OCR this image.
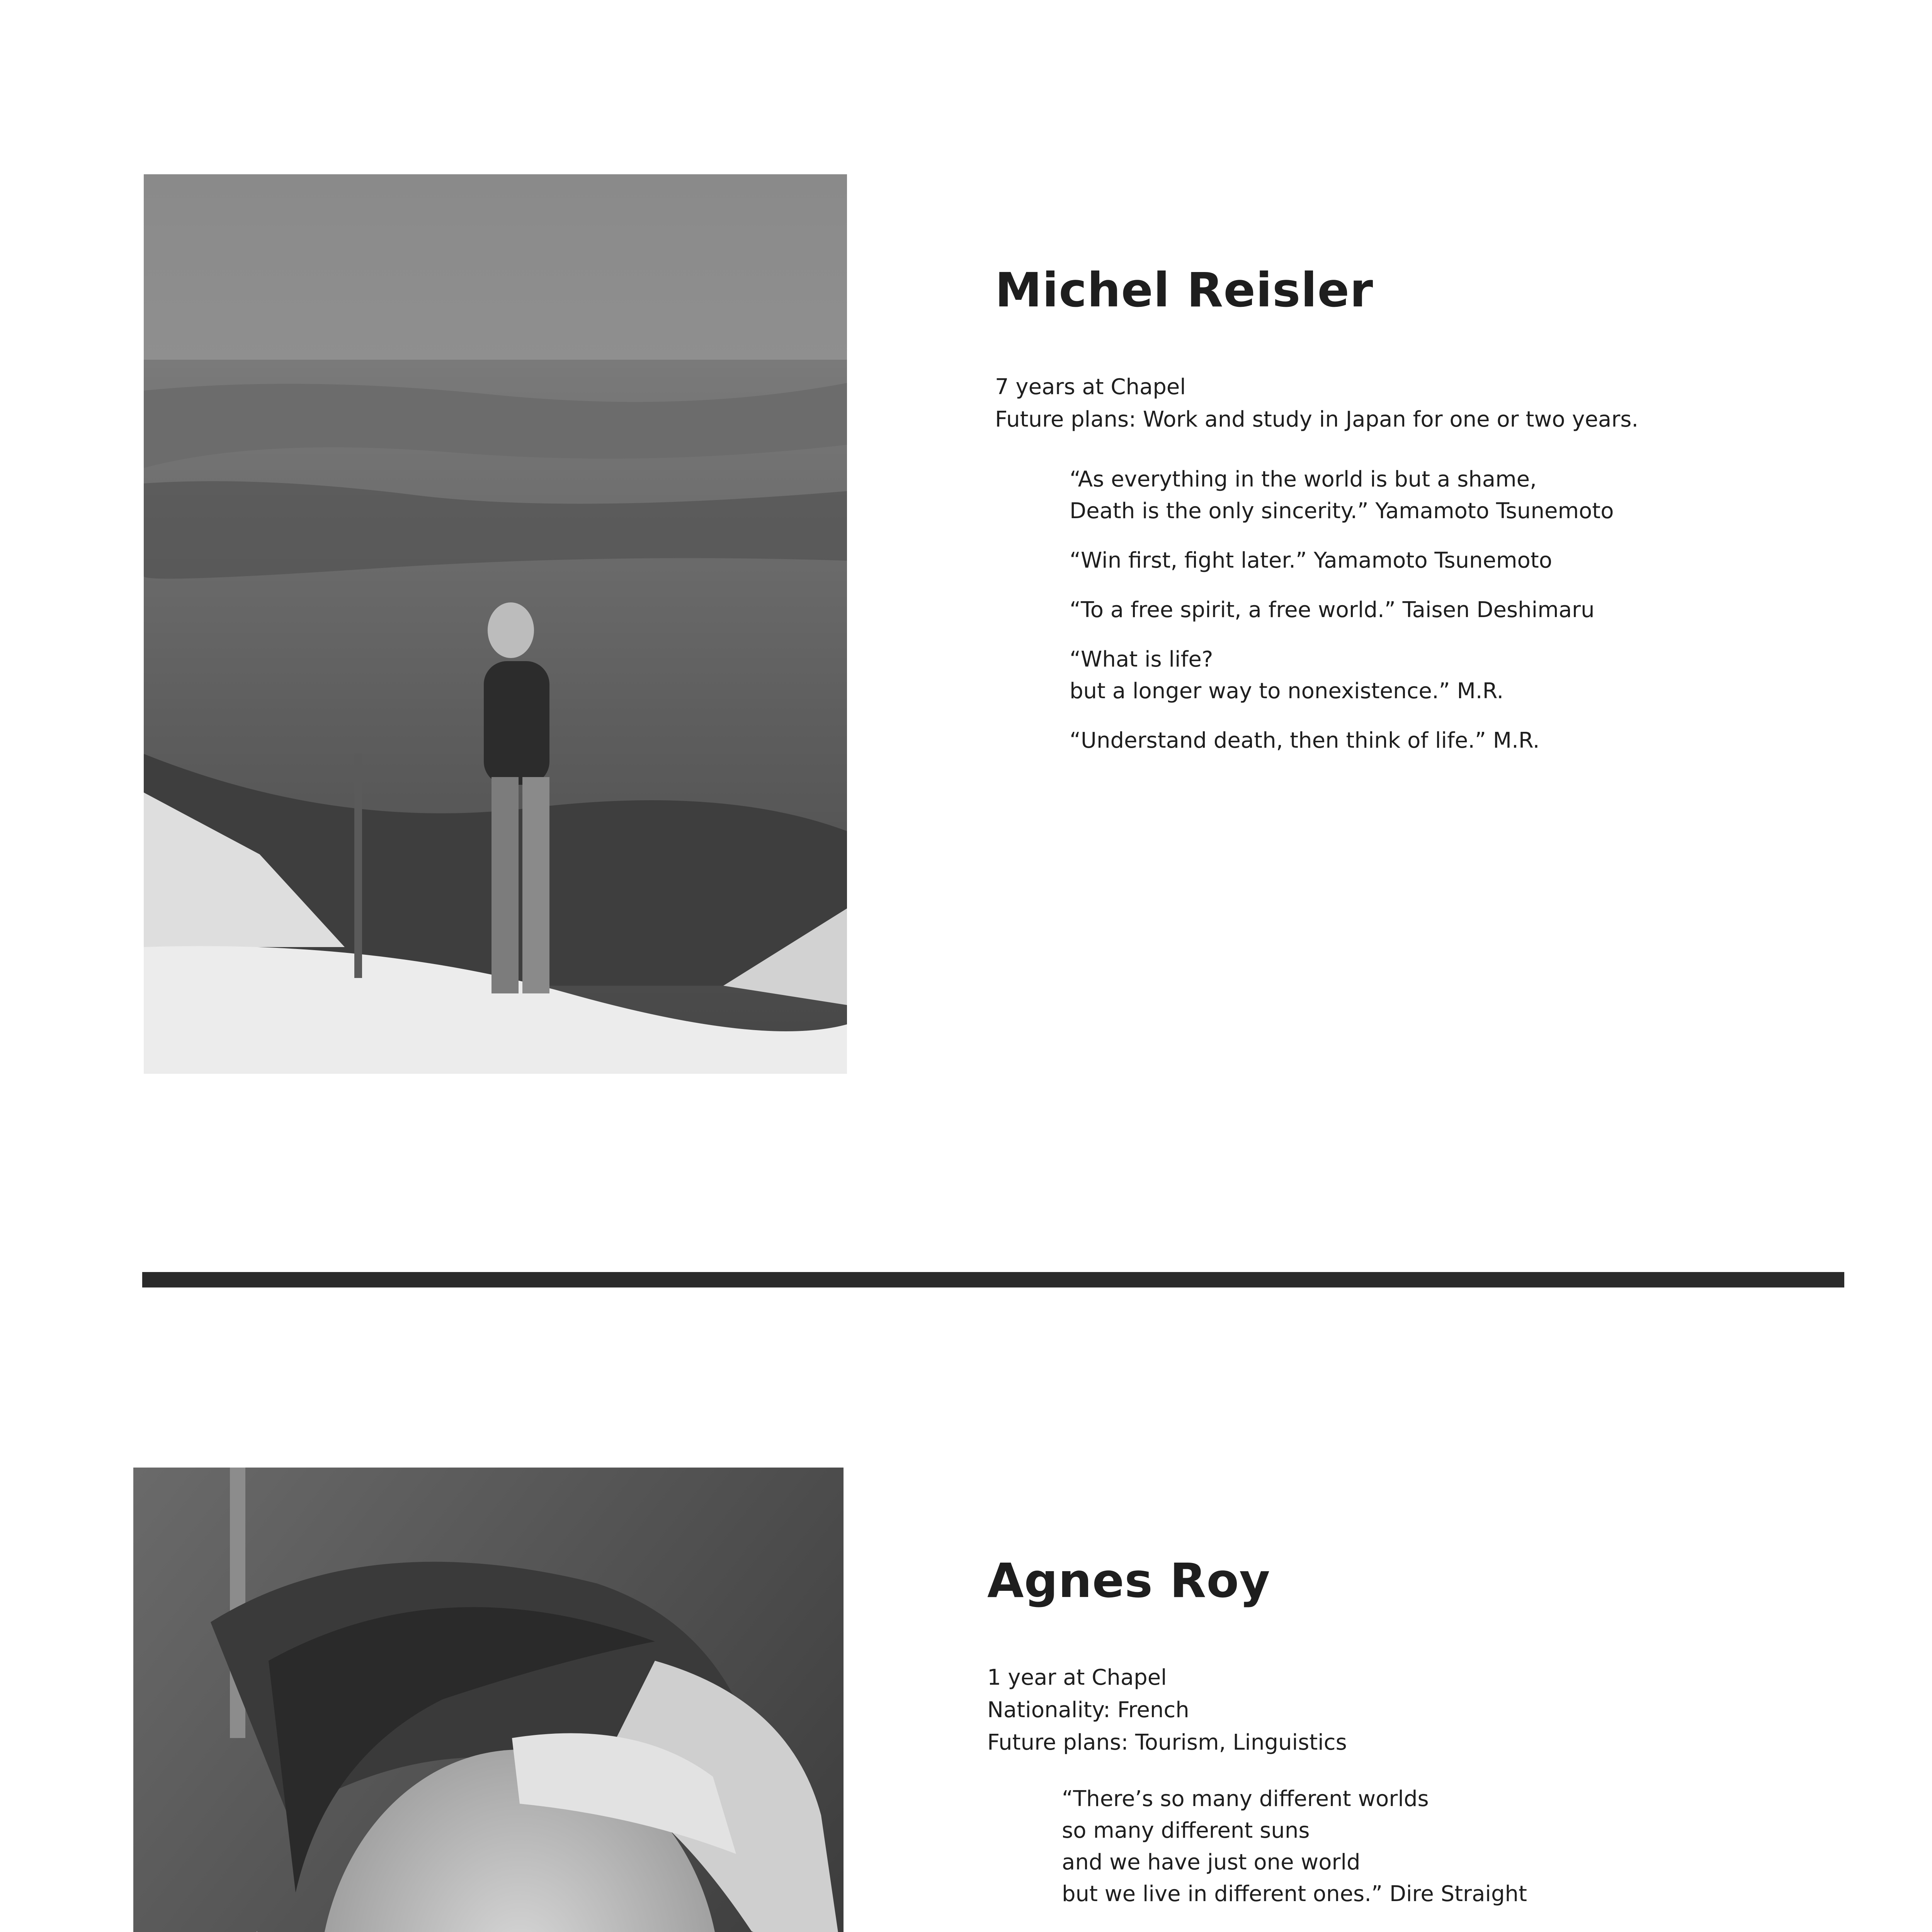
Michel Reisler
7 years at Chapel
Future plans: Work and study in Japan for one or two years.
“As everything in the world is but a shame,
Death is the only sincerity.” Yamamoto Tsunemoto
“Win first, fight later.” Yamamoto Tsunemoto
“To a free spirit, a free world.” Taisen Deshimaru
“What is life?
but a longer way to nonexistence.” M.R.
“Understand death, then think of life.” M.R.
Agnes Roy
1 year at Chapel
Nationality: French
Future plans: Tourism, Linguistics
“There’s so many different worlds
so many different suns
and we have just one world
but we live in different ones.” Dire Straight
